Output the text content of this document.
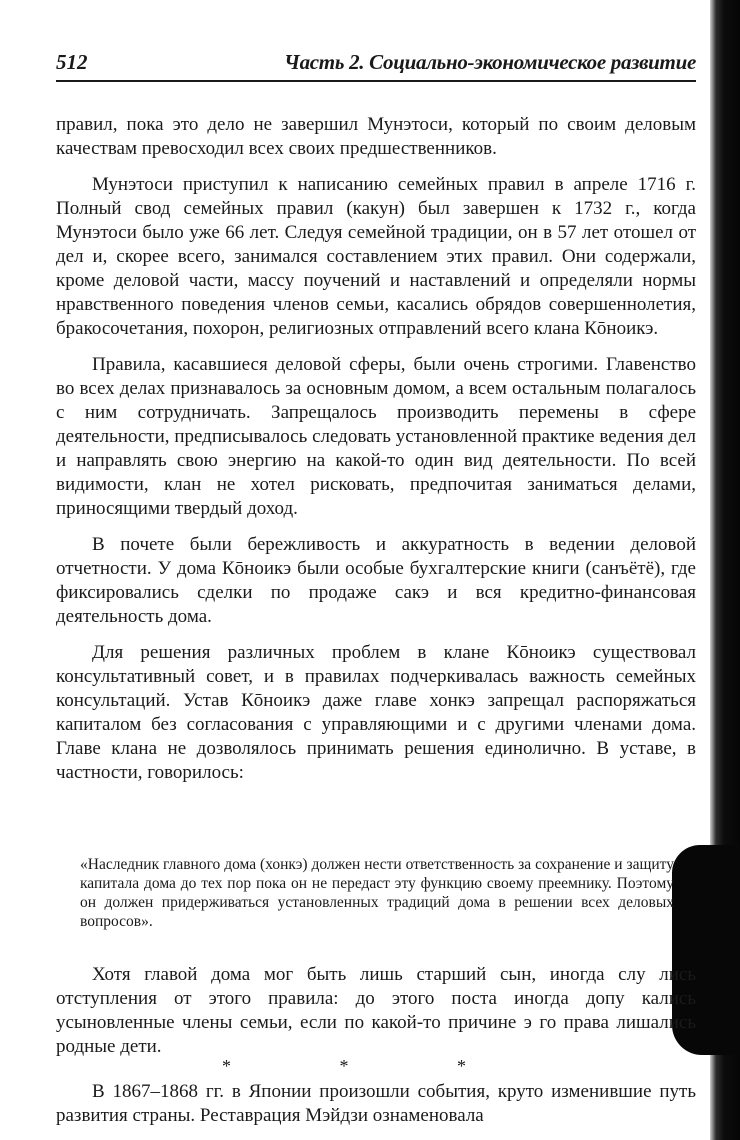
512	Часть 2. Социально-экономическое развитие

правил, пока это дело не завершил Мунэтоси, который по своим деловым качествам превосходил всех своих предшественников.

Мунэтоси приступил к написанию семейных правил в апреле 1716 г. Полный свод семейных правил (какун) был завершен к 1732 г., когда Мунэтоси было уже 66 лет. Следуя семейной традиции, он в 57 лет отошел от дел и, скорее всего, занимался составлением этих правил. Они содержали, кроме деловой части, массу поучений и наставлений и определяли нормы нравственного поведения членов семьи, касались обрядов совершеннолетия, бракосочетания, похорон, религиозных отправлений всего клана Кōноикэ.

Правила, касавшиеся деловой сферы, были очень строгими. Главенство во всех делах признавалось за основным домом, а всем остальным полагалось с ним сотрудничать. Запрещалось производить перемены в сфере деятельности, предписывалось следовать установленной практике ведения дел и направлять свою энергию на какой-то один вид деятельности. По всей видимости, клан не хотел рисковать, предпочитая заниматься делами, приносящими твердый доход.

В почете были бережливость и аккуратность в ведении деловой отчетности. У дома Кōноикэ были особые бухгалтерские книги (санъётё), где фиксировались сделки по продаже сакэ и вся кредитно-финансовая деятельность дома.

Для решения различных проблем в клане Кōноикэ существовал консультативный совет, и в правилах подчеркивалась важность семейных консультаций. Устав Кōноикэ даже главе хонкэ запрещал распоряжаться капиталом без согласования с управляющими и с другими членами дома. Главе клана не дозволялось принимать решения единолично. В уставе, в частности, говорилось:

«Наследник главного дома (хонкэ) должен нести ответственность за сохранение и защиту капитала дома до тех пор пока он не передаст эту функцию своему преемнику. Поэтому он должен придерживаться установленных традиций дома в решении всех деловых вопросов».

Хотя главой дома мог быть лишь старший сын, иногда слу лись отступления от этого правила: до этого поста иногда допу кались усыновленные члены семьи, если по какой-то причине э го права лишались родные дети.

* * *

В 1867–1868 гг. в Японии произошли события, круто изменившие путь развития страны. Реставрация Мэйдзи ознаменовала
